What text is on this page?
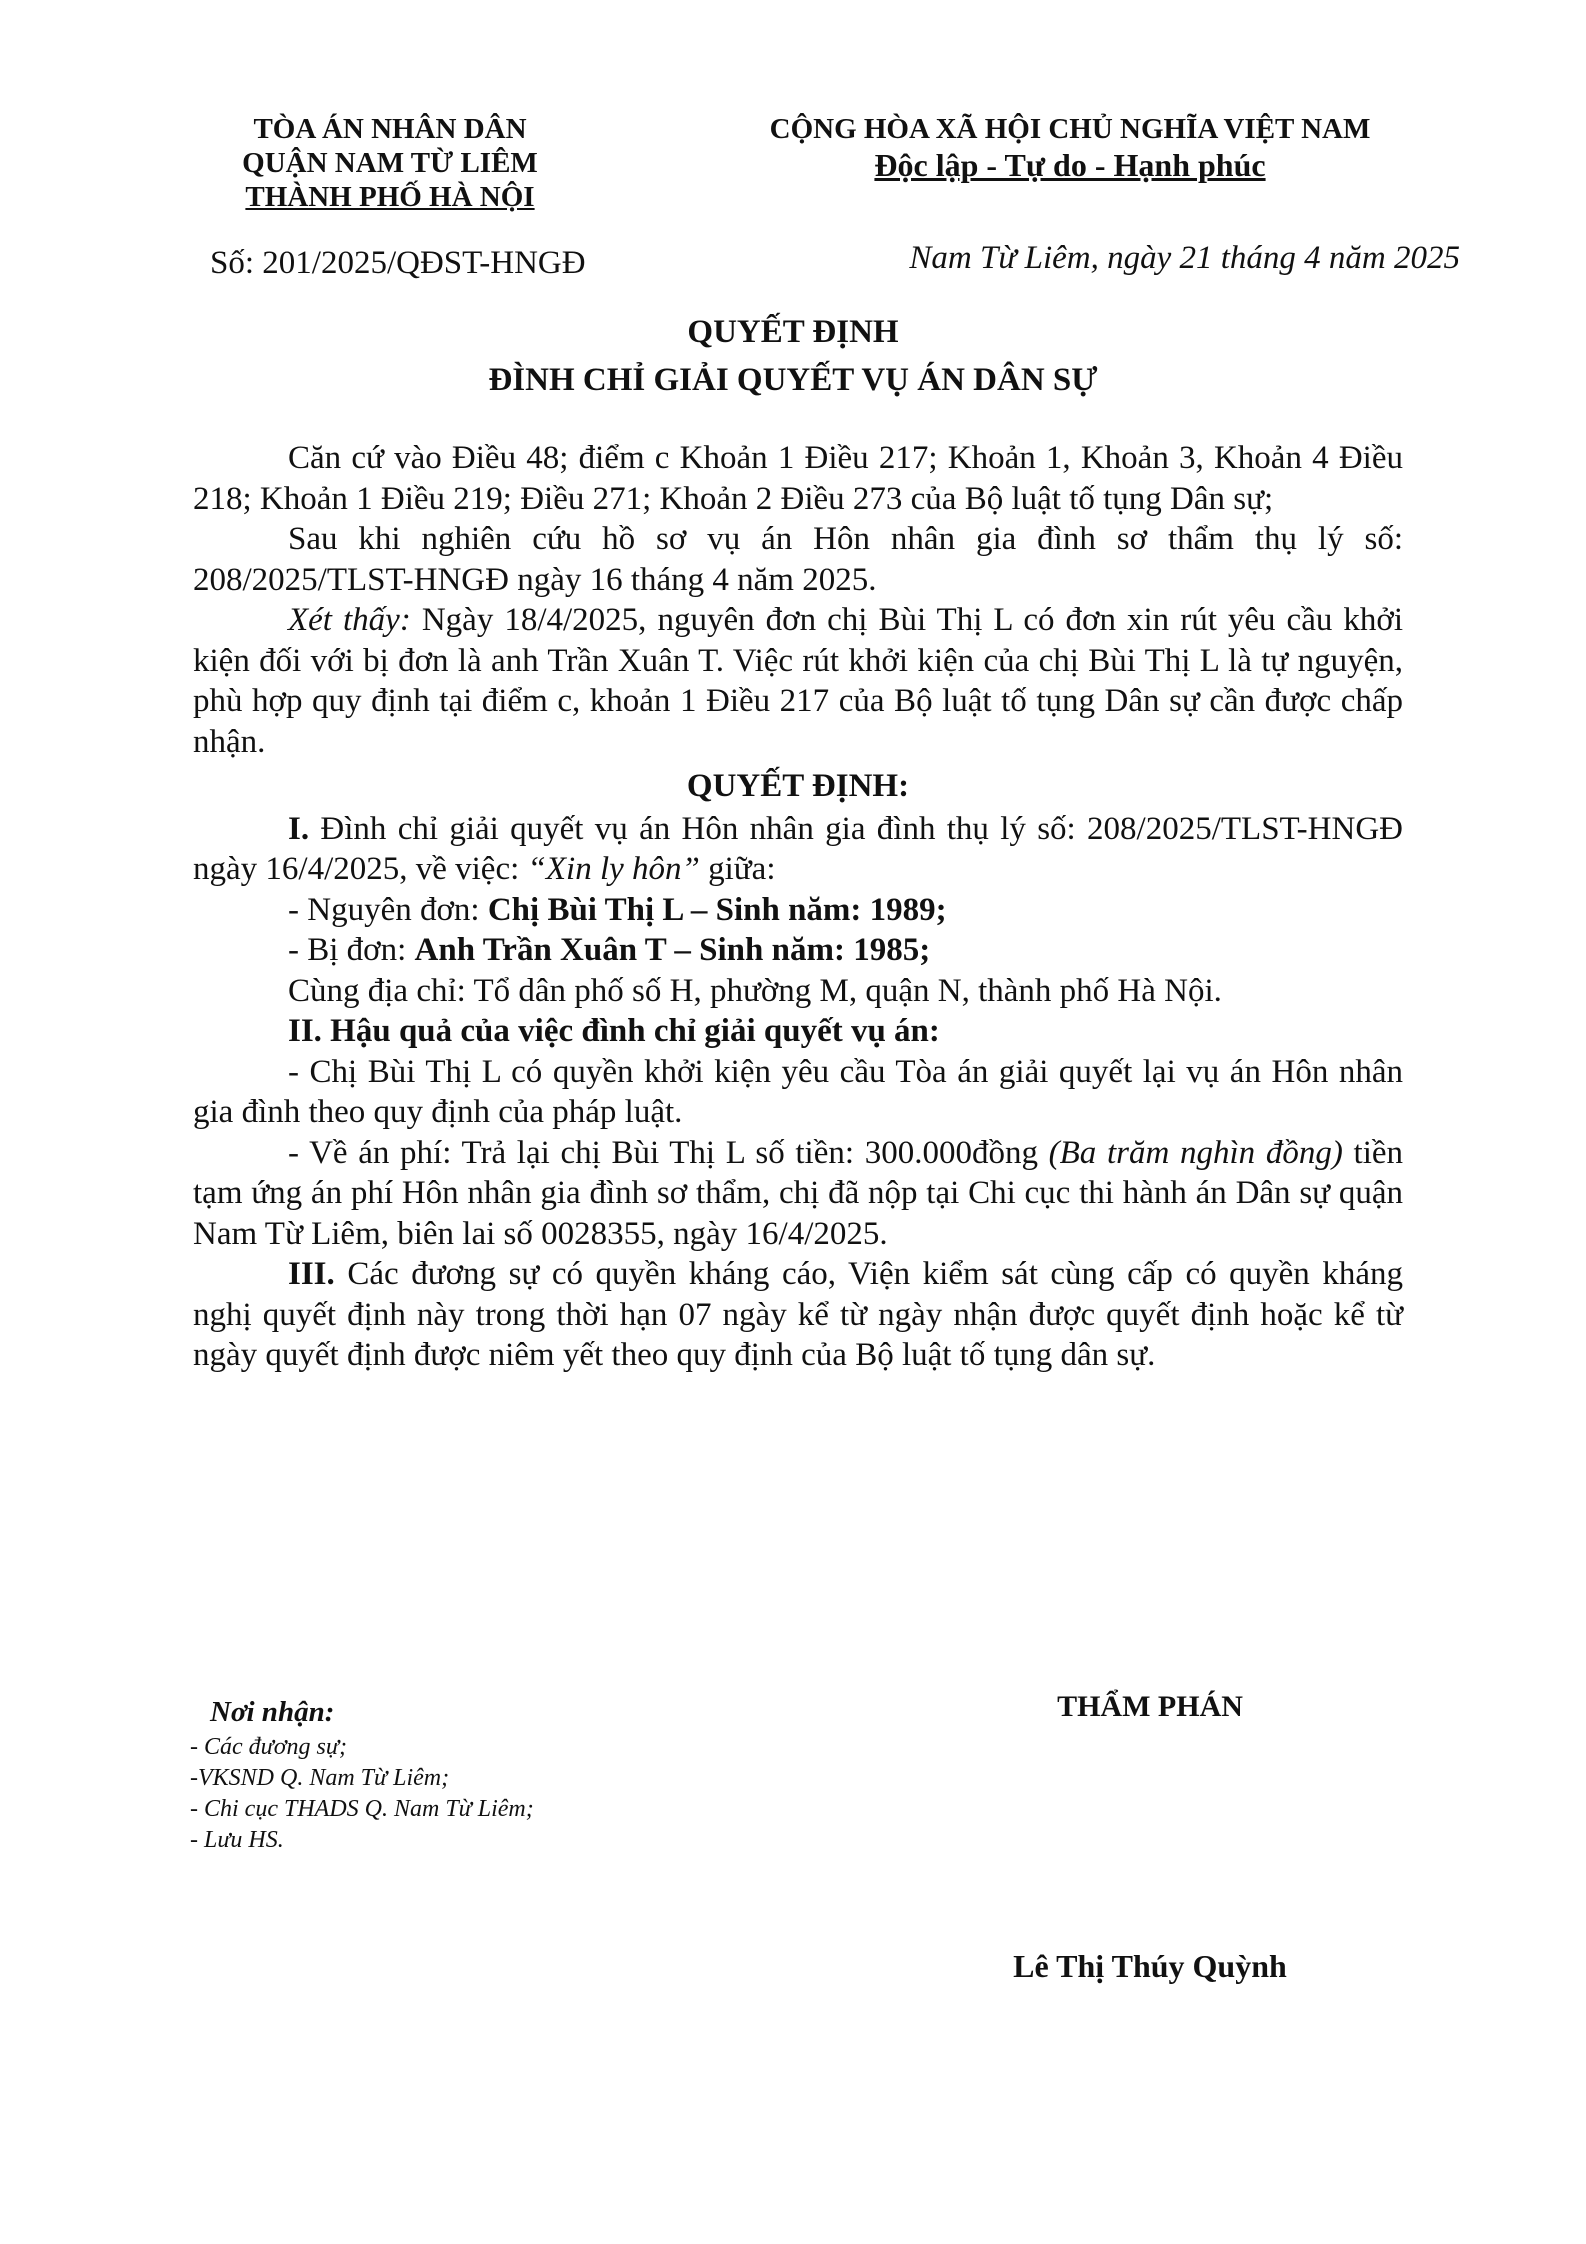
TÒA ÁN NHÂN DÂN
QUẬN NAM TỪ LIÊM
THÀNH PHỐ HÀ NỘI
CỘNG HÒA XÃ HỘI CHỦ NGHĨA VIỆT NAM
Độc lập - Tự do - Hạnh phúc
Số: 201/2025/QĐST-HNGĐ	Nam Từ Liêm, ngày 21 tháng 4 năm 2025
QUYẾT ĐỊNH
ĐÌNH CHỈ GIẢI QUYẾT VỤ ÁN DÂN SỰ

Căn cứ vào Điều 48; điểm c Khoản 1 Điều 217; Khoản 1, Khoản 3, Khoản 4 Điều 218; Khoản 1 Điều 219; Điều 271; Khoản 2 Điều 273 của Bộ luật tố tụng Dân sự;

Sau khi nghiên cứu hồ sơ vụ án Hôn nhân gia đình sơ thẩm thụ lý số: 208/2025/TLST-HNGĐ ngày 16 tháng 4 năm 2025.

Xét thấy: Ngày 18/4/2025, nguyên đơn chị Bùi Thị L có đơn xin rút yêu cầu khởi kiện đối với bị đơn là anh Trần Xuân T. Việc rút khởi kiện của chị Bùi Thị L là tự nguyện, phù hợp quy định tại điểm c, khoản 1 Điều 217 của Bộ luật tố tụng Dân sự cần được chấp nhận.

QUYẾT ĐỊNH:

I. Đình chỉ giải quyết vụ án Hôn nhân gia đình thụ lý số: 208/2025/TLST-HNGĐ ngày 16/4/2025, về việc: “Xin ly hôn” giữa:

- Nguyên đơn: Chị Bùi Thị L – Sinh năm: 1989;

- Bị đơn: Anh Trần Xuân T – Sinh năm: 1985;

Cùng địa chỉ: Tổ dân phố số H, phường M, quận N, thành phố Hà Nội.

II. Hậu quả của việc đình chỉ giải quyết vụ án:

- Chị Bùi Thị L có quyền khởi kiện yêu cầu Tòa án giải quyết lại vụ án Hôn nhân gia đình theo quy định của pháp luật.

- Về án phí: Trả lại chị Bùi Thị L số tiền: 300.000đồng (Ba trăm nghìn đồng) tiền tạm ứng án phí Hôn nhân gia đình sơ thẩm, chị đã nộp tại Chi cục thi hành án Dân sự quận Nam Từ Liêm, biên lai số 0028355, ngày 16/4/2025.

III. Các đương sự có quyền kháng cáo, Viện kiểm sát cùng cấp có quyền kháng nghị quyết định này trong thời hạn 07 ngày kể từ ngày nhận được quyết định hoặc kể từ ngày quyết định được niêm yết theo quy định của Bộ luật tố tụng dân sự.

Nơi nhận:
- Các đương sự;
-VKSND Q. Nam Từ Liêm;
- Chi cục THADS Q. Nam Từ Liêm;
- Lưu HS.
THẨM PHÁN
Lê Thị Thúy Quỳnh
